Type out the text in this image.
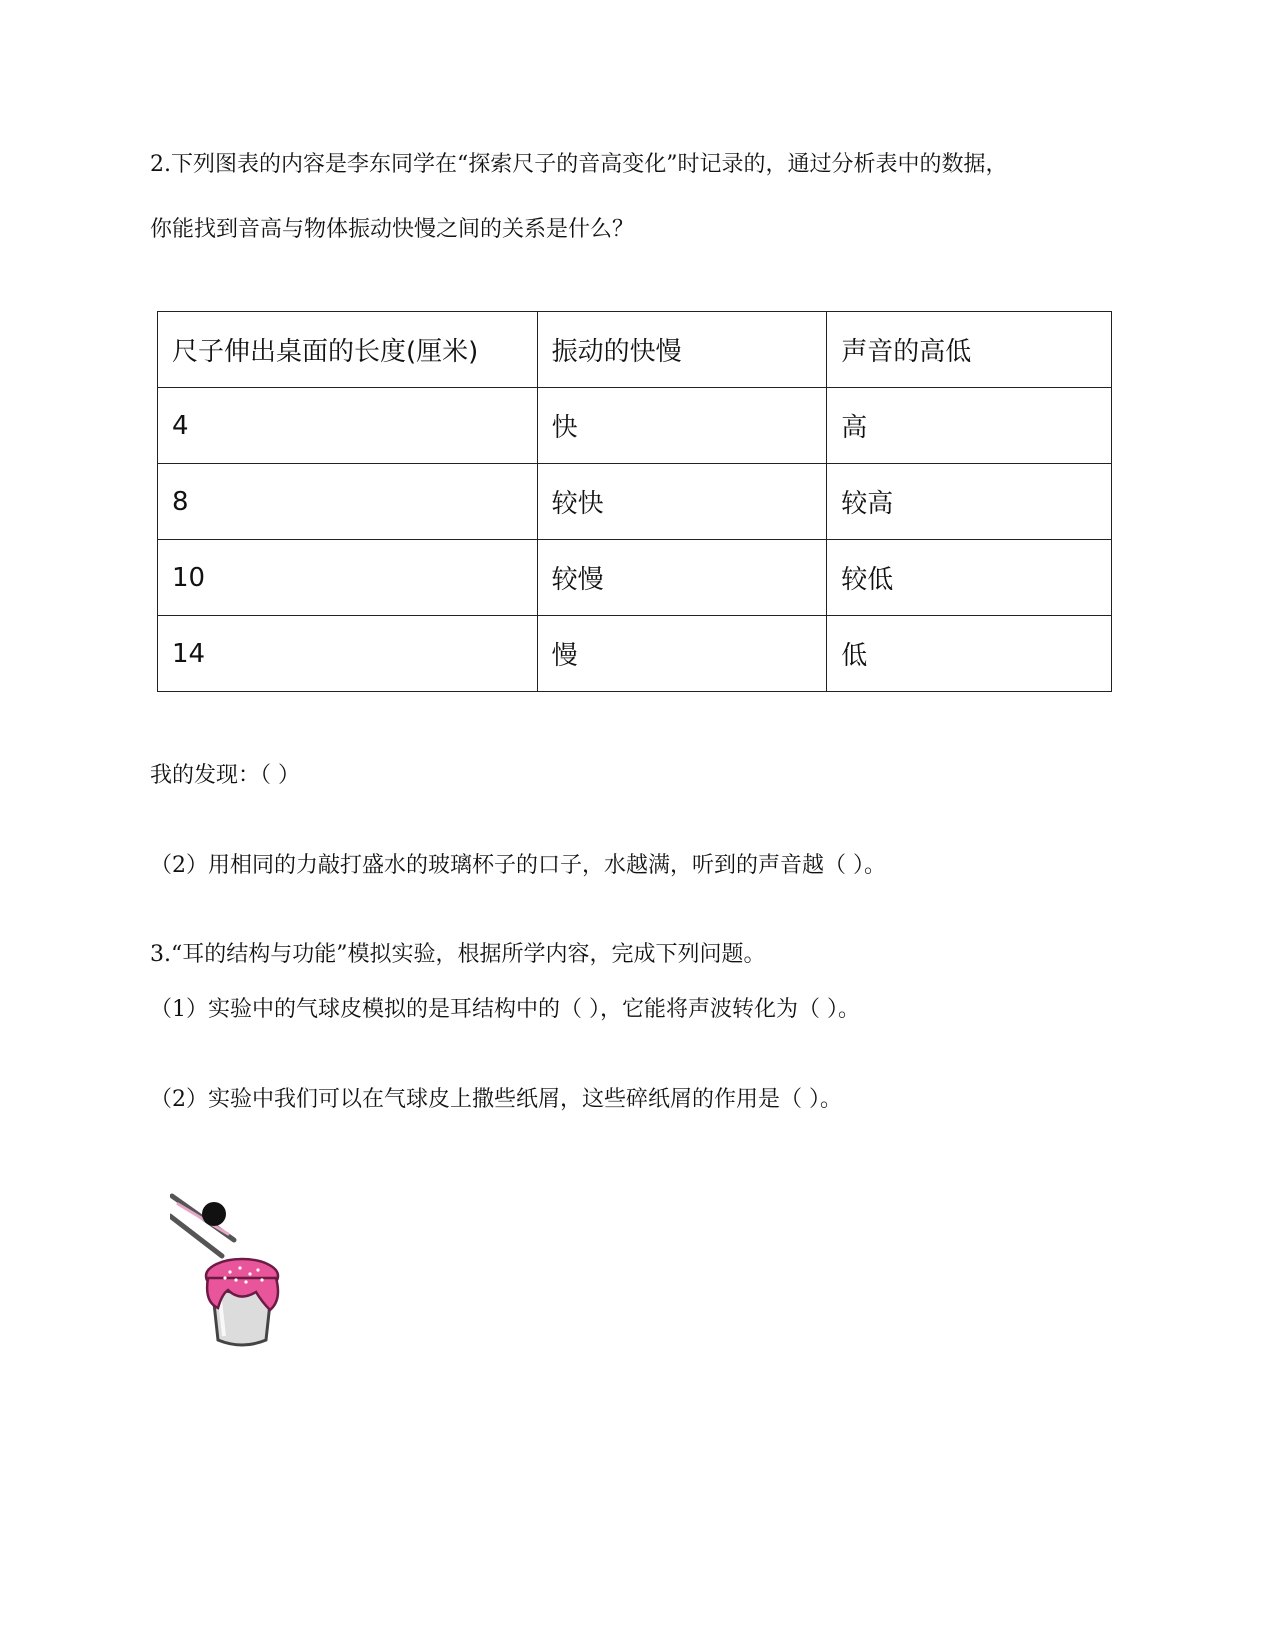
2.下列图表的内容是李东同学在“探索尺子的音高变化”时记录的，通过分析表中的数据，
你能找到音高与物体振动快慢之间的关系是什么？
尺子伸出桌面的长度(厘米)	振动的快慢	声音的高低
4	快	高
8	较快	较高
10	较慢	较低
14	慢	低
我的发现：（ ）
（2）用相同的力敲打盛水的玻璃杯子的口子，水越满，听到的声音越（ ）。
3.“耳的结构与功能”模拟实验，根据所学内容，完成下列问题。
（1）实验中的气球皮模拟的是耳结构中的（ ），它能将声波转化为（ ）。
（2）实验中我们可以在气球皮上撒些纸屑，这些碎纸屑的作用是（ ）。
